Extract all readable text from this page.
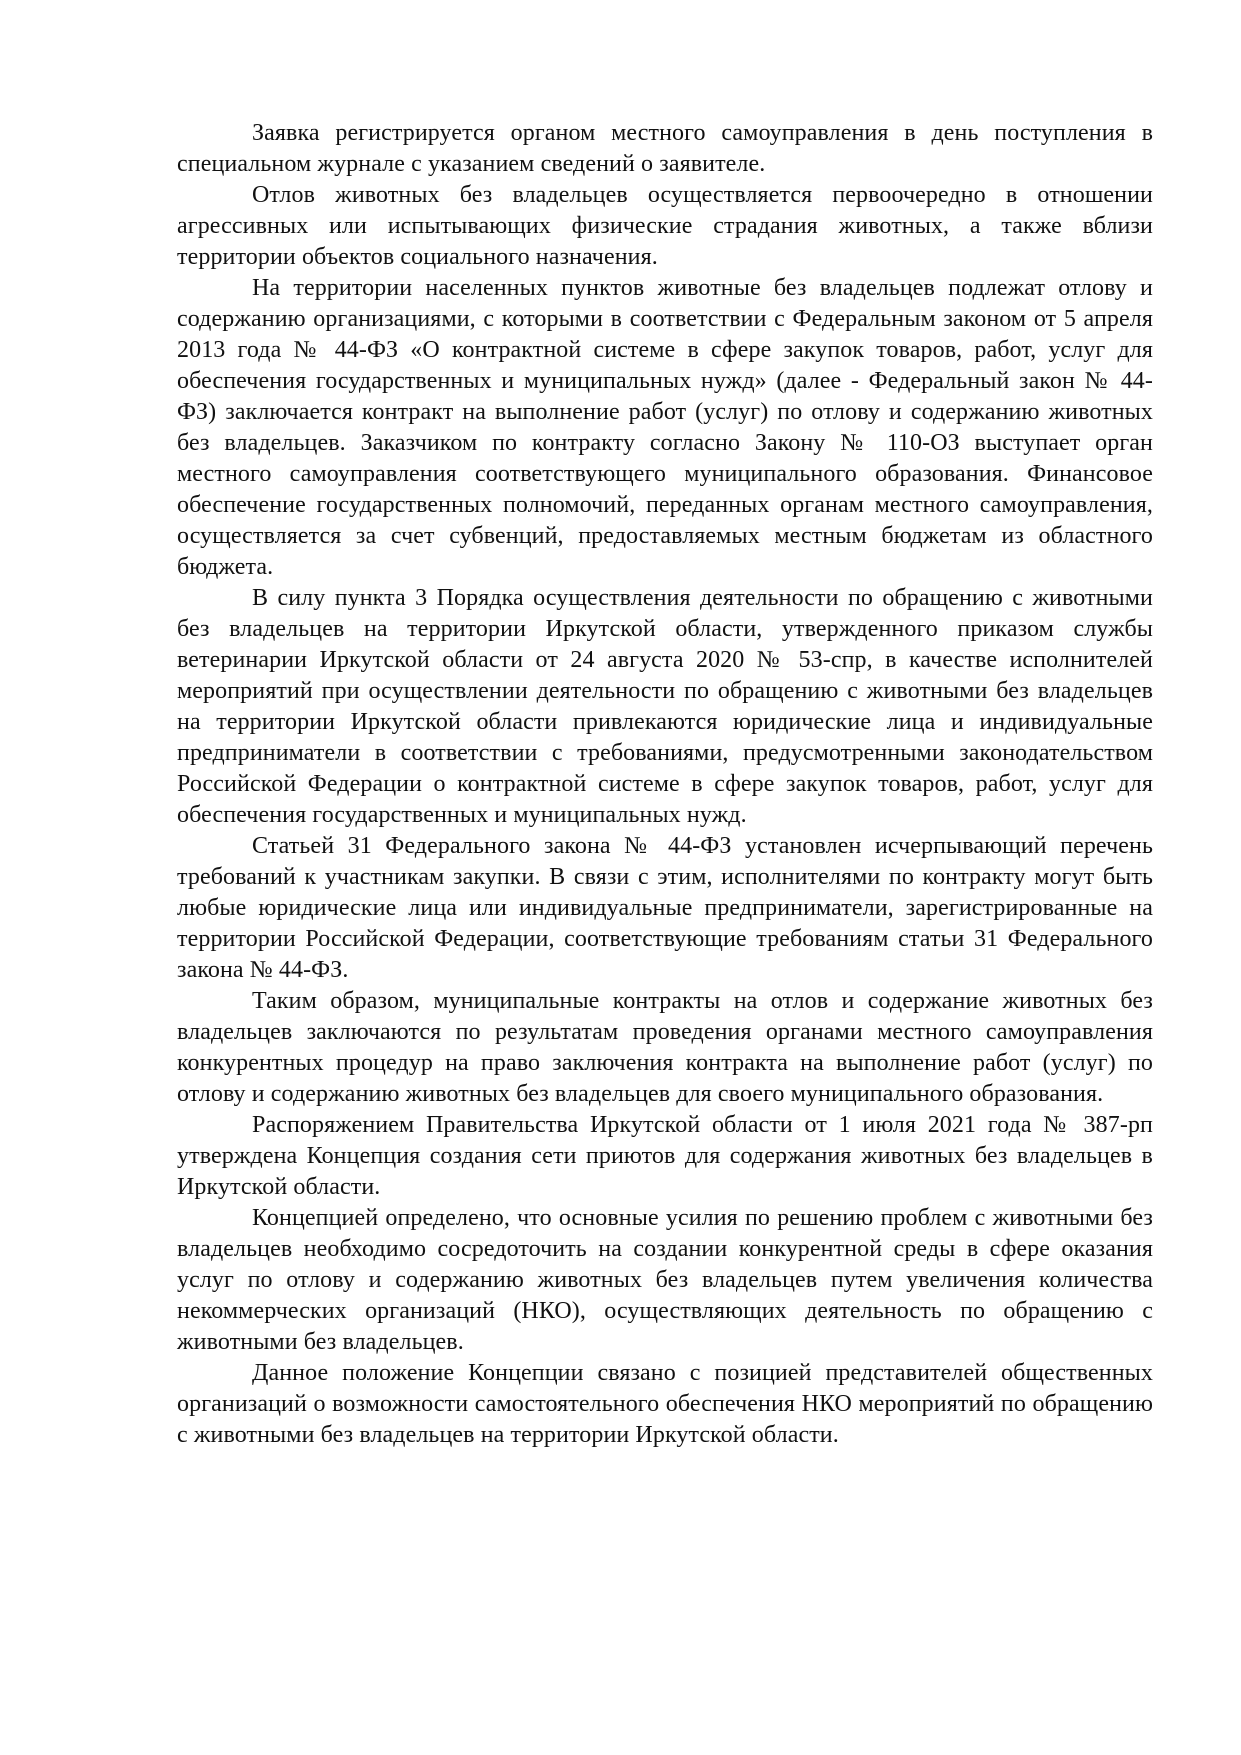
Заявка регистрируется органом местного самоуправления в день поступления в специальном журнале с указанием сведений о заявителе.

Отлов животных без владельцев осуществляется первоочередно в отношении агрессивных или испытывающих физические страдания животных, а также вблизи территории объектов социального назначения.

На территории населенных пунктов животные без владельцев подлежат отлову и содержанию организациями, с которыми в соответствии с Федеральным законом от 5 апреля 2013 года № 44-ФЗ «О контрактной системе в сфере закупок товаров, работ, услуг для обеспечения государственных и муниципальных нужд» (далее - Федеральный закон № 44-ФЗ) заключается контракт на выполнение работ (услуг) по отлову и содержанию животных без владельцев. Заказчиком по контракту согласно Закону № 110-ОЗ выступает орган местного самоуправления соответствующего муниципального образования. Финансовое обеспечение государственных полномочий, переданных органам местного самоуправления, осуществляется за счет субвенций, предоставляемых местным бюджетам из областного бюджета.

В силу пункта 3 Порядка осуществления деятельности по обращению с животными без владельцев на территории Иркутской области, утвержденного приказом службы ветеринарии Иркутской области от 24 августа 2020 № 53-спр, в качестве исполнителей мероприятий при осуществлении деятельности по обращению с животными без владельцев на территории Иркутской области привлекаются юридические лица и индивидуальные предприниматели в соответствии с требованиями, предусмотренными законодательством Российской Федерации о контрактной системе в сфере закупок товаров, работ, услуг для обеспечения государственных и муниципальных нужд.

Статьей 31 Федерального закона № 44-ФЗ установлен исчерпывающий перечень требований к участникам закупки. В связи с этим, исполнителями по контракту могут быть любые юридические лица или индивидуальные предприниматели, зарегистрированные на территории Российской Федерации, соответствующие требованиям статьи 31 Федерального закона № 44-ФЗ.

Таким образом, муниципальные контракты на отлов и содержание животных без владельцев заключаются по результатам проведения органами местного самоуправления конкурентных процедур на право заключения контракта на выполнение работ (услуг) по отлову и содержанию животных без владельцев для своего муниципального образования.

Распоряжением Правительства Иркутской области от 1 июля 2021 года № 387-рп утверждена Концепция создания сети приютов для содержания животных без владельцев в Иркутской области.

Концепцией определено, что основные усилия по решению проблем с животными без владельцев необходимо сосредоточить на создании конкурентной среды в сфере оказания услуг по отлову и содержанию животных без владельцев путем увеличения количества некоммерческих организаций (НКО), осуществляющих деятельность по обращению с животными без владельцев.

Данное положение Концепции связано с позицией представителей общественных организаций о возможности самостоятельного обеспечения НКО мероприятий по обращению с животными без владельцев на территории Иркутской области.
